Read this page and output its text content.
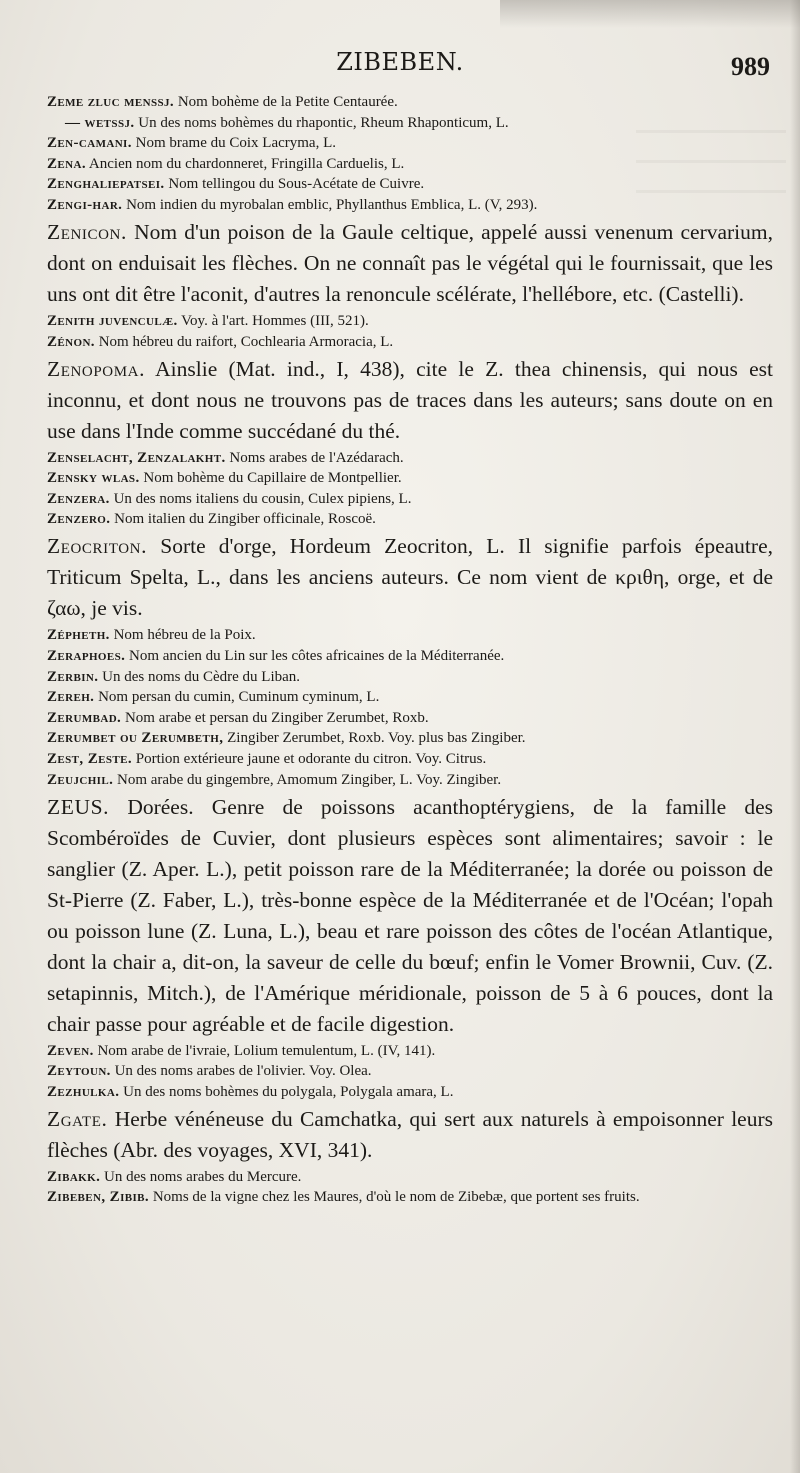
ZIBEBEN.	989

Zeme zluc menssj. Nom bohème de la Petite Centaurée.

— wetssj. Un des noms bohèmes du rhapontic, Rheum Rhaponticum, L.

Zen-camani. Nom brame du Coix Lacryma, L.

Zena. Ancien nom du chardonneret, Fringilla Carduelis, L.

Zenghaliepatsei. Nom tellingou du Sous-Acétate de Cuivre.

Zengi-har. Nom indien du myrobalan emblic, Phyllanthus Emblica, L. (V, 293).

Zenicon. Nom d'un poison de la Gaule celtique, appelé aussi venenum cervarium, dont on enduisait les flèches. On ne connaît pas le végétal qui le fournissait, que les uns ont dit être l'aconit, d'autres la renoncule scélérate, l'hellébore, etc. (Castelli).

Zenith juvenculæ. Voy. à l'art. Hommes (III, 521).

Zénon. Nom hébreu du raifort, Cochlearia Armoracia, L.

Zenopoma. Ainslie (Mat. ind., I, 438), cite le Z. thea chinensis, qui nous est inconnu, et dont nous ne trouvons pas de traces dans les auteurs; sans doute on en use dans l'Inde comme succédané du thé.

Zenselacht, Zenzalakht. Noms arabes de l'Azédarach.

Zensky wlas. Nom bohème du Capillaire de Montpellier.

Zenzera. Un des noms italiens du cousin, Culex pipiens, L.

Zenzero. Nom italien du Zingiber officinale, Roscoë.

Zeocriton. Sorte d'orge, Hordeum Zeocriton, L. Il signifie parfois épeautre, Triticum Spelta, L., dans les anciens auteurs. Ce nom vient de κριθη, orge, et de ζαω, je vis.

Zépheth. Nom hébreu de la Poix.

Zeraphoes. Nom ancien du Lin sur les côtes africaines de la Méditerranée.

Zerbin. Un des noms du Cèdre du Liban.

Zereh. Nom persan du cumin, Cuminum cyminum, L.

Zerumbad. Nom arabe et persan du Zingiber Zerumbet, Roxb.

Zerumbet ou Zerumbeth, Zingiber Zerumbet, Roxb. Voy. plus bas Zingiber.

Zest, Zeste. Portion extérieure jaune et odorante du citron. Voy. Citrus.

Zeujchil. Nom arabe du gingembre, Amomum Zingiber, L. Voy. Zingiber.

ZEUS. Dorées. Genre de poissons acanthoptérygiens, de la famille des Scombéroïdes de Cuvier, dont plusieurs espèces sont alimentaires; savoir : le sanglier (Z. Aper. L.), petit poisson rare de la Méditerranée; la dorée ou poisson de St-Pierre (Z. Faber, L.), très-bonne espèce de la Méditerranée et de l'Océan; l'opah ou poisson lune (Z. Luna, L.), beau et rare poisson des côtes de l'océan Atlantique, dont la chair a, dit-on, la saveur de celle du bœuf; enfin le Vomer Brownii, Cuv. (Z. setapinnis, Mitch.), de l'Amérique méridionale, poisson de 5 à 6 pouces, dont la chair passe pour agréable et de facile digestion.

Zeven. Nom arabe de l'ivraie, Lolium temulentum, L. (IV, 141).

Zeytoun. Un des noms arabes de l'olivier. Voy. Olea.

Zezhulka. Un des noms bohèmes du polygala, Polygala amara, L.

Zgate. Herbe vénéneuse du Camchatka, qui sert aux naturels à empoisonner leurs flèches (Abr. des voyages, XVI, 341).

Zibakk. Un des noms arabes du Mercure.

Zibeben, Zibib. Noms de la vigne chez les Maures, d'où le nom de Zibebæ, que portent ses fruits.
